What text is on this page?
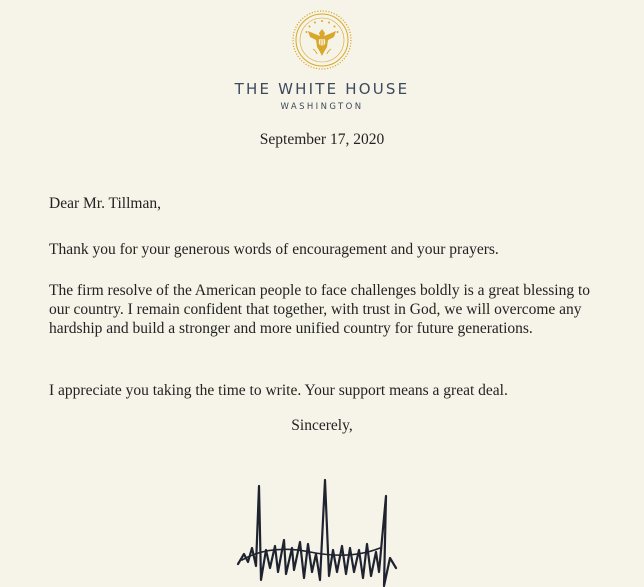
THE WHITE HOUSE
WASHINGTON
September 17, 2020
Dear Mr. Tillman,

Thank you for your generous words of encouragement and your prayers.

The firm resolve of the American people to face challenges boldly is a great blessing to our country. I remain confident that together, with trust in God, we will overcome any hardship and build a stronger and more unified country for future generations.

I appreciate you taking the time to write. Your support means a great deal.

Sincerely,
